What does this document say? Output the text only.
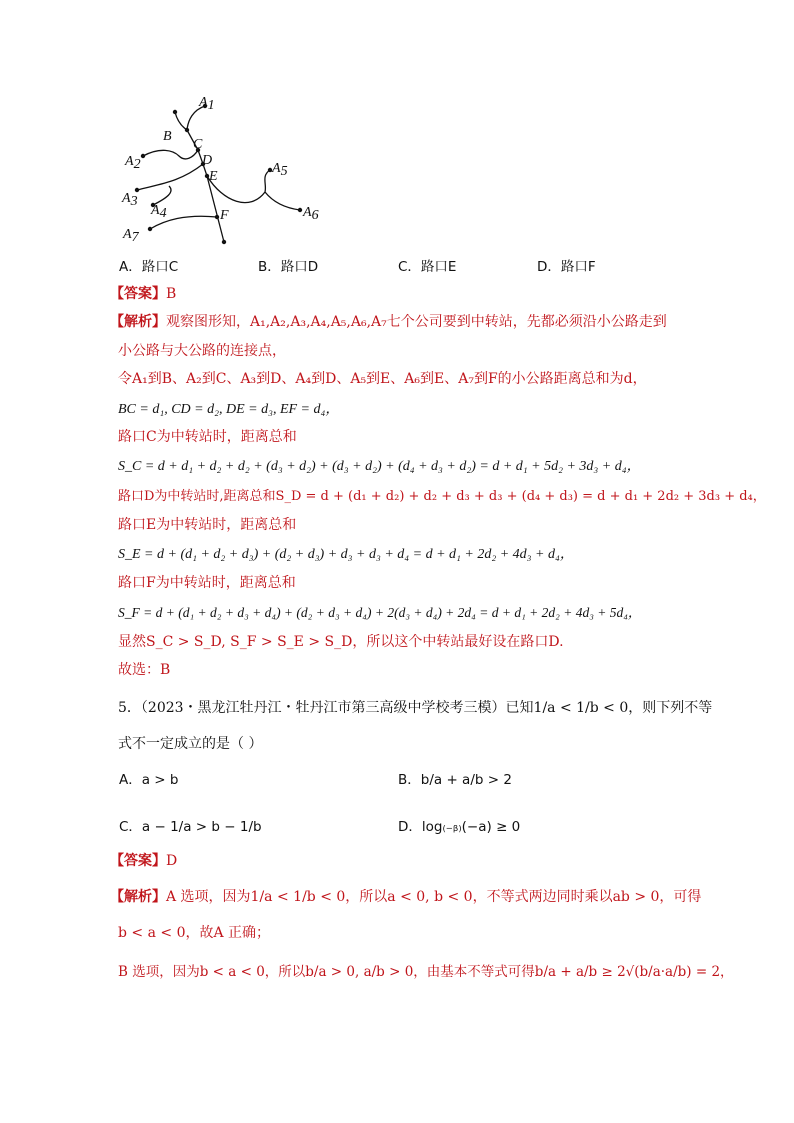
A1
B
C
A2	D
E
A5
A3
A4	F	A6
A7
A．路口C	B．路口D	C．路口E	D．路口F
【答案】B
【解析】观察图形知，A₁,A₂,A₃,A₄,A₅,A₆,A₇七个公司要到中转站，先都必须沿小公路走到
小公路与大公路的连接点，
令A₁到B、A₂到C、A₃到D、A₄到D、A₅到E、A₆到E、A₇到F的小公路距离总和为d，
BC = d₁, CD = d₂, DE = d₃, EF = d₄，
路口C为中转站时，距离总和
S_C = d + d₁ + d₂ + d₂ + (d₃ + d₂) + (d₃ + d₂) + (d₄ + d₃ + d₂) = d + d₁ + 5d₂ + 3d₃ + d₄，
路口D为中转站时,距离总和S_D = d + (d₁ + d₂) + d₂ + d₃ + d₃ + (d₄ + d₃) = d + d₁ + 2d₂ + 3d₃ + d₄，
路口E为中转站时，距离总和
S_E = d + (d₁ + d₂ + d₃) + (d₂ + d₃) + d₃ + d₃ + d₄ = d + d₁ + 2d₂ + 4d₃ + d₄，
路口F为中转站时，距离总和
S_F = d + (d₁ + d₂ + d₃ + d₄) + (d₂ + d₃ + d₄) + 2(d₃ + d₄) + 2d₄ = d + d₁ + 2d₂ + 4d₃ + 5d₄，
显然S_C > S_D, S_F > S_E > S_D，所以这个中转站最好设在路口D.
故选：B
5．（2023・黑龙江牡丹江・牡丹江市第三高级中学校考三模）已知1/a < 1/b < 0，则下列不等
式不一定成立的是（ ）
A．a > b	B．b/a + a/b > 2
C．a − 1/a > b − 1/b	D．log₍₋ᵦ₎(−a) ≥ 0
【答案】D
【解析】A 选项，因为1/a < 1/b < 0，所以a < 0, b < 0，不等式两边同时乘以ab > 0，可得
b < a < 0，故A 正确；
B 选项，因为b < a < 0，所以b/a > 0, a/b > 0，由基本不等式可得b/a + a/b ≥ 2√(b/a·a/b) = 2，
